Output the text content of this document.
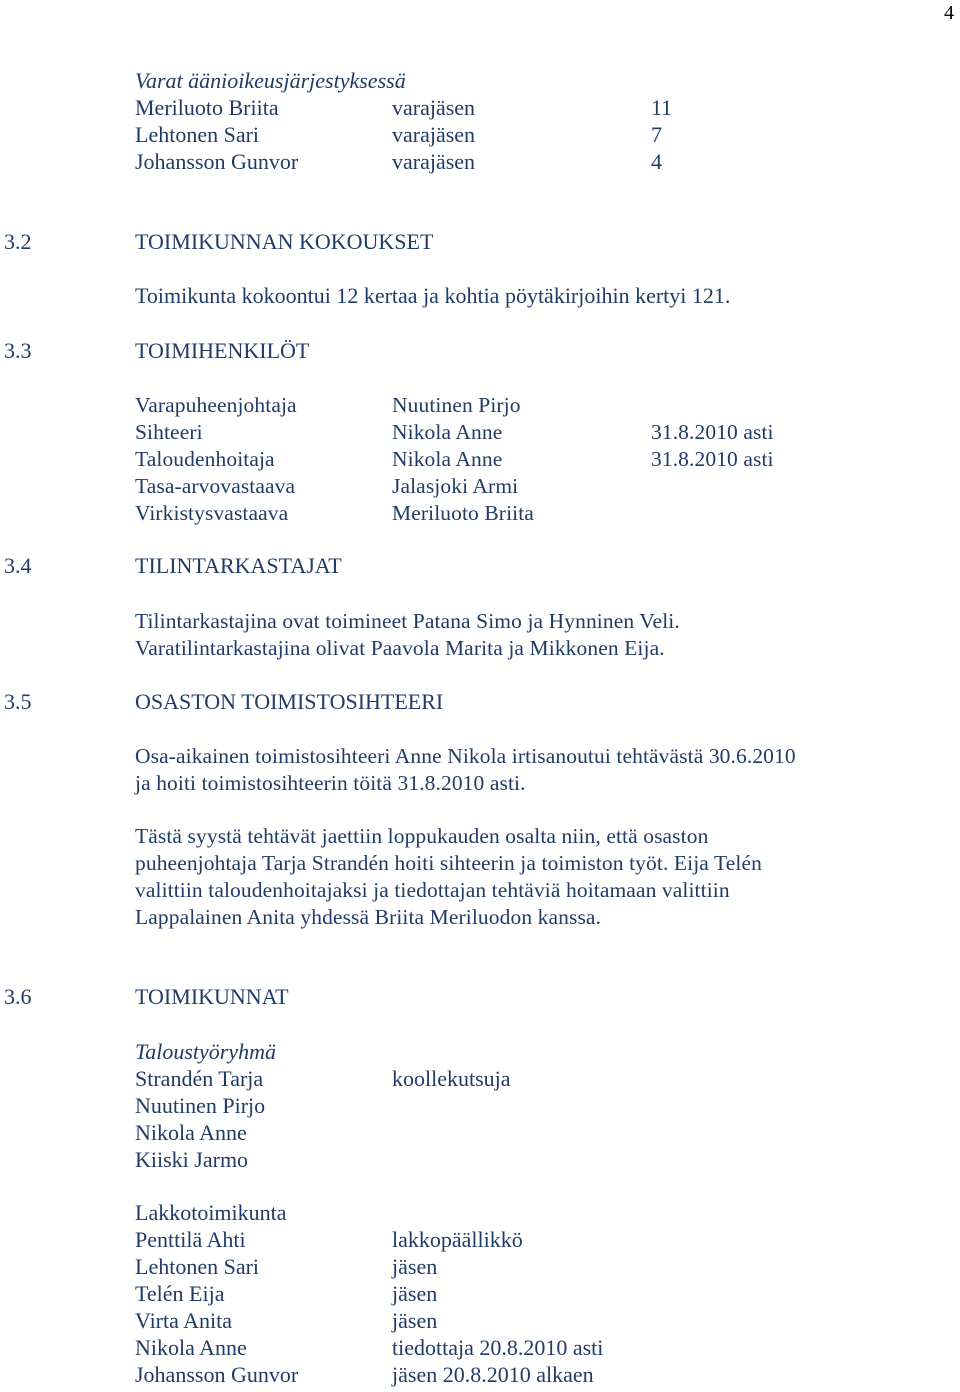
4
Varat äänioikeusjärjestyksessä
Meriluoto Briita	varajäsen	11
Lehtonen Sari	varajäsen	7
Johansson Gunvor	varajäsen	4
3.2	TOIMIKUNNAN KOKOUKSET
Toimikunta kokoontui 12 kertaa ja kohtia pöytäkirjoihin kertyi 121.
3.3	TOIMIHENKILÖT
Varapuheenjohtaja	Nuutinen Pirjo
Sihteeri	Nikola Anne	31.8.2010 asti
Taloudenhoitaja	Nikola Anne	31.8.2010 asti
Tasa-arvovastaava	Jalasjoki Armi
Virkistysvastaava	Meriluoto Briita
3.4	TILINTARKASTAJAT
Tilintarkastajina ovat toimineet Patana Simo ja Hynninen Veli.
Varatilintarkastajina olivat Paavola Marita ja Mikkonen Eija.
3.5	OSASTON TOIMISTOSIHTEERI
Osa-aikainen toimistosihteeri Anne Nikola irtisanoutui tehtävästä 30.6.2010
ja hoiti toimistosihteerin töitä 31.8.2010 asti.
Tästä syystä tehtävät jaettiin loppukauden osalta niin, että osaston
puheenjohtaja Tarja Strandén hoiti sihteerin ja toimiston työt. Eija Telén
valittiin taloudenhoitajaksi ja tiedottajan tehtäviä hoitamaan valittiin
Lappalainen Anita yhdessä Briita Meriluodon kanssa.
3.6	TOIMIKUNNAT
Taloustyöryhmä
Strandén Tarja	koollekutsuja
Nuutinen Pirjo
Nikola Anne
Kiiski Jarmo
Lakkotoimikunta
Penttilä Ahti	lakkopäällikkö
Lehtonen Sari	jäsen
Telén Eija	jäsen
Virta Anita	jäsen
Nikola Anne	tiedottaja 20.8.2010 asti
Johansson Gunvor	jäsen 20.8.2010 alkaen
